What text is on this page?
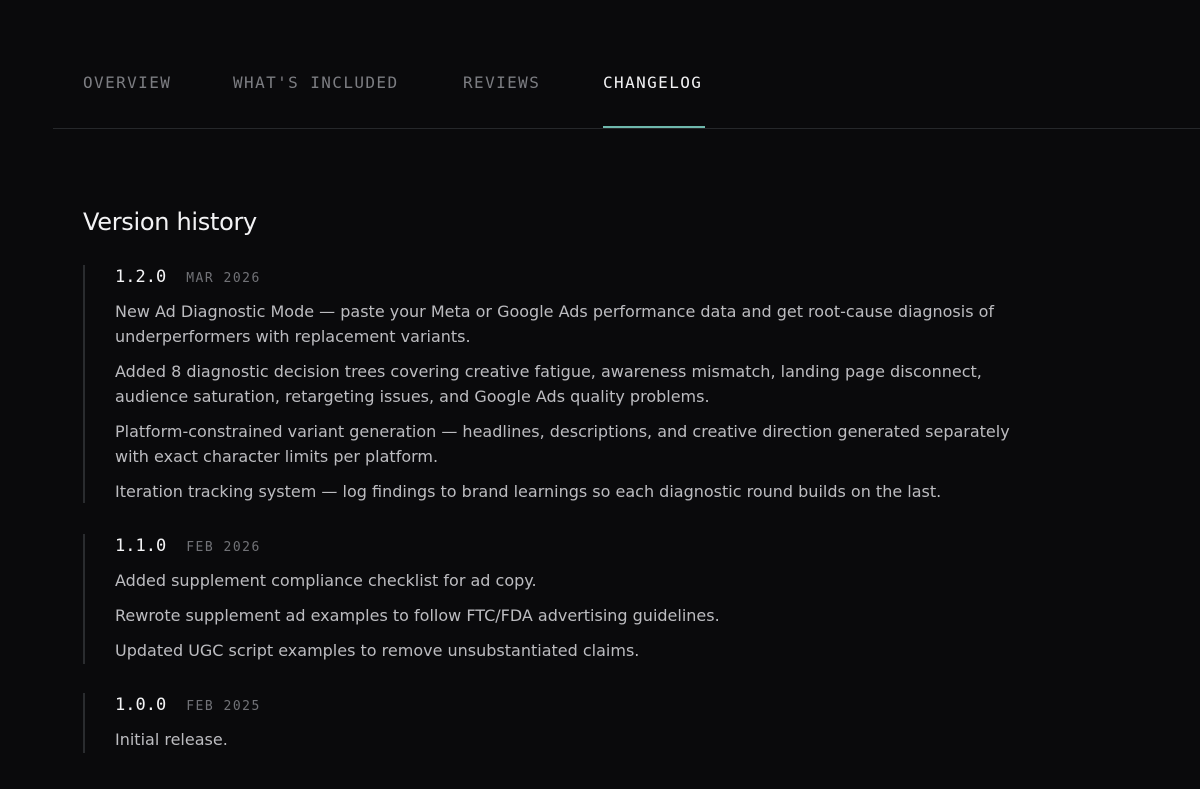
OVERVIEW	WHAT'S INCLUDED	REVIEWS	CHANGELOG
Version history
1.2.0 MAR 2026
New Ad Diagnostic Mode — paste your Meta or Google Ads performance data and get root-cause diagnosis of underperformers with replacement variants.
Added 8 diagnostic decision trees covering creative fatigue, awareness mismatch, landing page disconnect, audience saturation, retargeting issues, and Google Ads quality problems.
Platform-constrained variant generation — headlines, descriptions, and creative direction generated separately with exact character limits per platform.
Iteration tracking system — log findings to brand learnings so each diagnostic round builds on the last.
1.1.0 FEB 2026
Added supplement compliance checklist for ad copy.
Rewrote supplement ad examples to follow FTC/FDA advertising guidelines.
Updated UGC script examples to remove unsubstantiated claims.
1.0.0 FEB 2025
Initial release.
